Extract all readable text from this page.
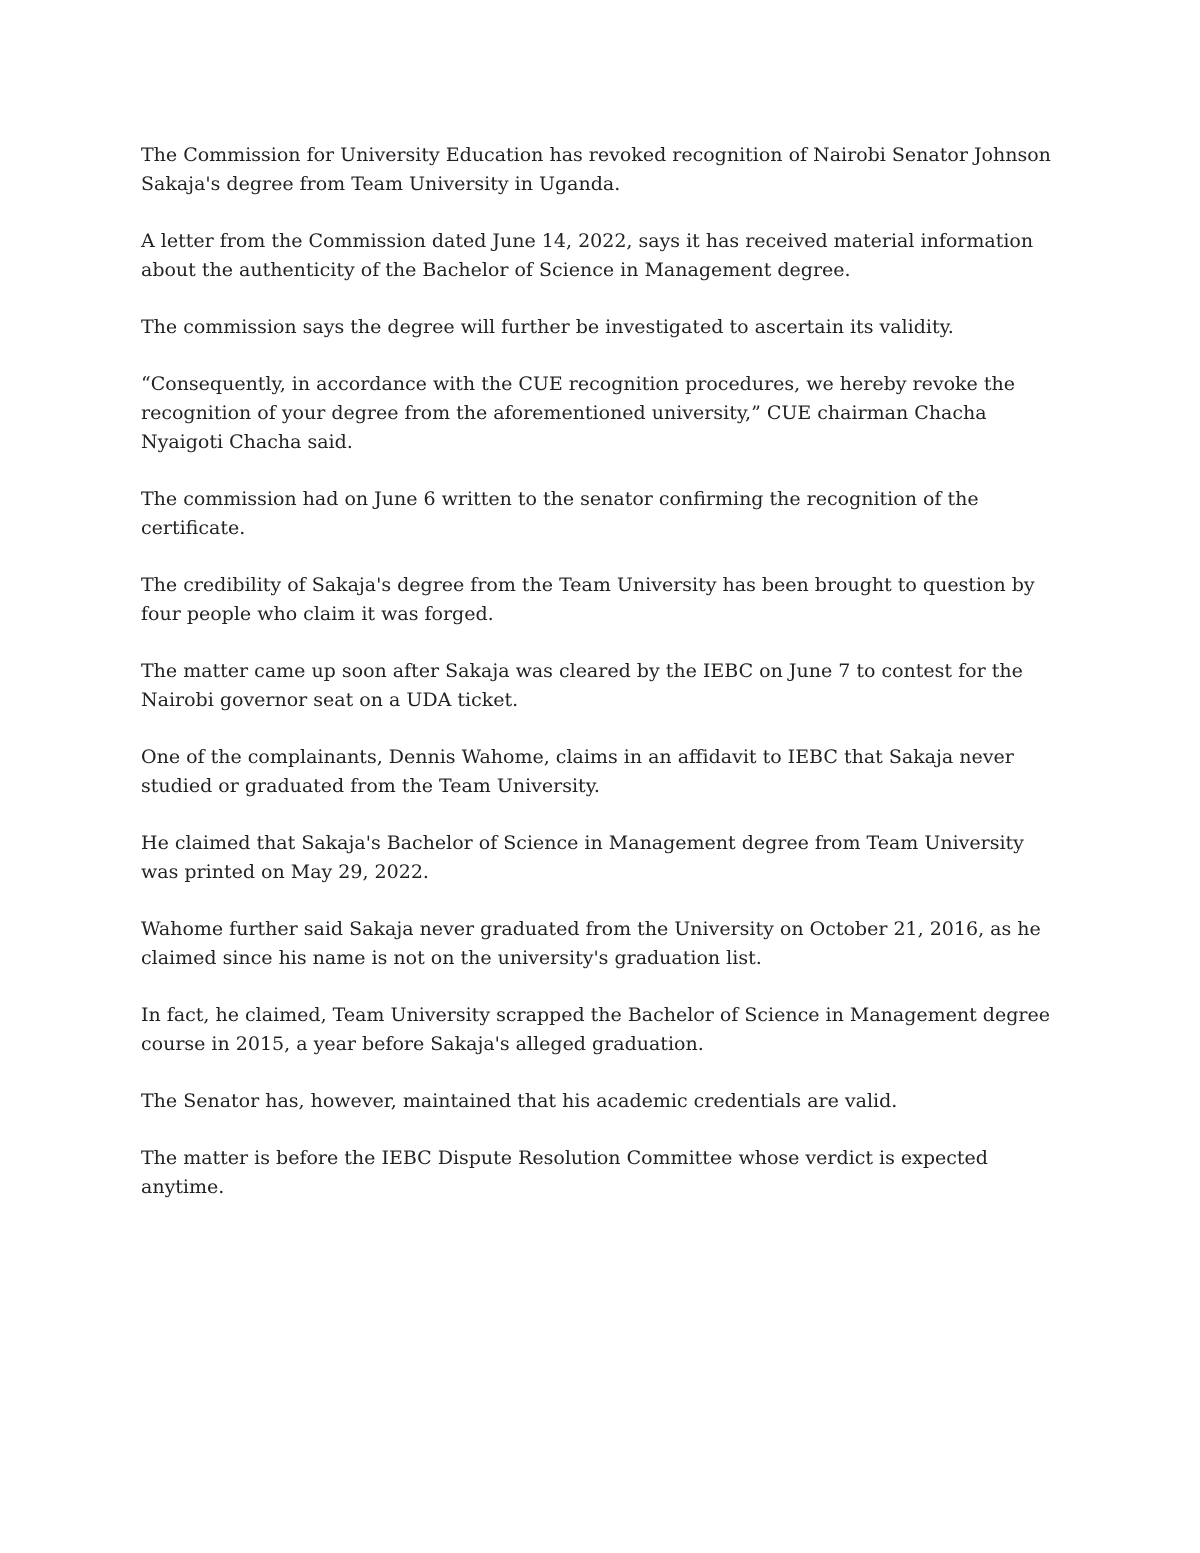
The Commission for University Education has revoked recognition of Nairobi Senator Johnson Sakaja's degree from Team University in Uganda.

A letter from the Commission dated June 14, 2022, says it has received material information about the authenticity of the Bachelor of Science in Management degree.

The commission says the degree will further be investigated to ascertain its validity.

“Consequently, in accordance with the CUE recognition procedures, we hereby revoke the recognition of your degree from the aforementioned university,” CUE chairman Chacha Nyaigoti Chacha said.

The commission had on June 6 written to the senator confirming the recognition of the certificate.

The credibility of Sakaja's degree from the Team University has been brought to question by four people who claim it was forged.

The matter came up soon after Sakaja was cleared by the IEBC on June 7 to contest for the Nairobi governor seat on a UDA ticket.

One of the complainants, Dennis Wahome, claims in an affidavit to IEBC that Sakaja never studied or graduated from the Team University.

He claimed that Sakaja's Bachelor of Science in Management degree from Team University was printed on May 29, 2022.

Wahome further said Sakaja never graduated from the University on October 21, 2016, as he claimed since his name is not on the university's graduation list.

In fact, he claimed, Team University scrapped the Bachelor of Science in Management degree course in 2015, a year before Sakaja's alleged graduation.

The Senator has, however, maintained that his academic credentials are valid.

The matter is before the IEBC Dispute Resolution Committee whose verdict is expected anytime.
